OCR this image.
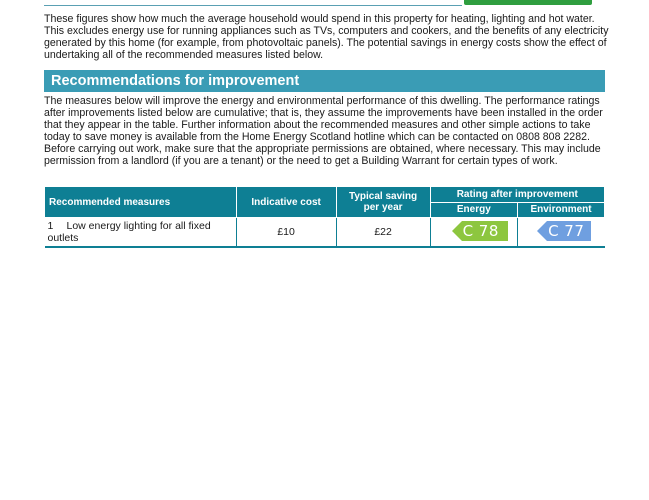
These figures show how much the average household would spend in this property for heating, lighting and hot water. This excludes energy use for running appliances such as TVs, computers and cookers, and the benefits of any electricity generated by this home (for example, from photovoltaic panels). The potential savings in energy costs show the effect of undertaking all of the recommended measures listed below.

Recommendations for improvement

The measures below will improve the energy and environmental performance of this dwelling. The performance ratings after improvements listed below are cumulative; that is, they assume the improvements have been installed in the order that they appear in the table. Further information about the recommended measures and other simple actions to take today to save money is available from the Home Energy Scotland hotline which can be contacted on 0808 808 2282. Before carrying out work, make sure that the appropriate permissions are obtained, where necessary. This may include permission from a landlord (if you are a tenant) or the need to get a Building Warrant for certain types of work.

Recommended measures	Indicative cost	Typical saving per year	Rating after improvement	
			Energy	Environment
1 Low energy lighting for all fixed outlets	£10	£22	C 78	C 77
